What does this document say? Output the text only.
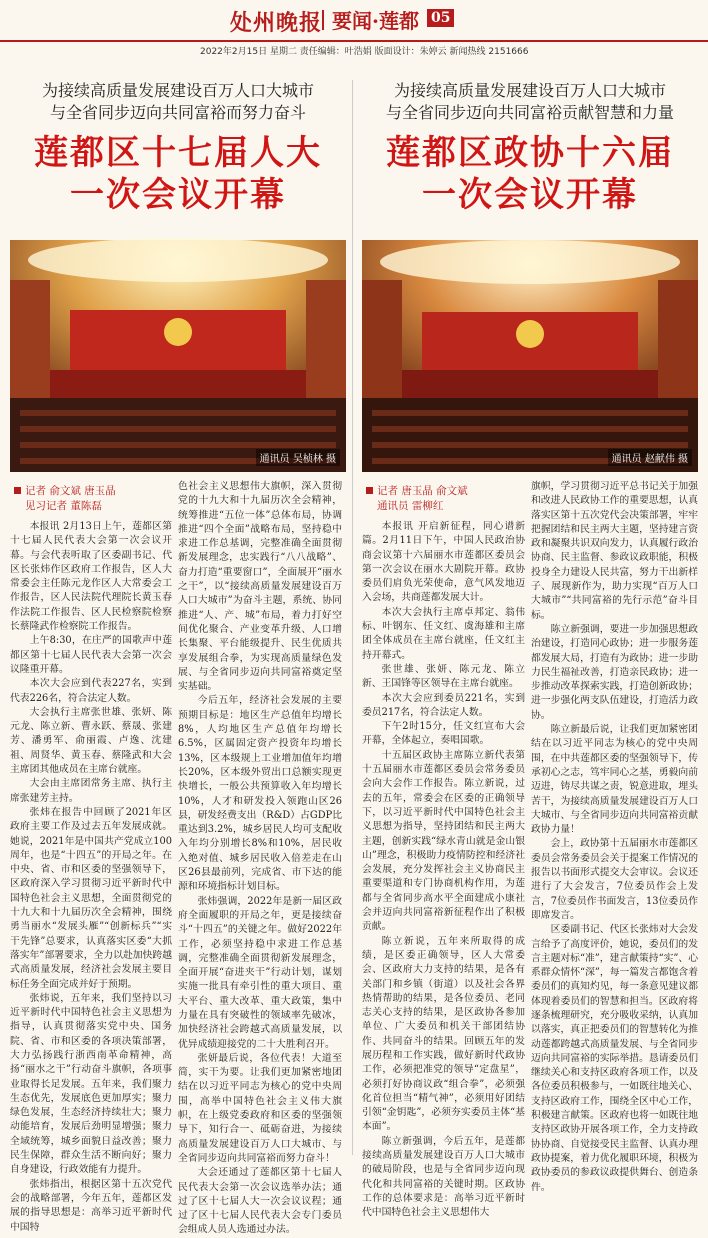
处州晚报 要闻·莲都 05
2022年2月15日 星期二 责任编辑：叶浩娟 版面设计：朱婷云 新闻热线 2151666
为接续高质量发展建设百万人口大城市
与全省同步迈向共同富裕而努力奋斗
莲都区十七届人大
一次会议开幕
为接续高质量发展建设百万人口大城市
与全省同步迈向共同富裕贡献智慧和力量
莲都区政协十六届
一次会议开幕
通讯员 吴桢林 摄	通讯员 赵献伟 摄
记者 俞文斌 唐玉晶
见习记者 董陈磊
记者 唐玉晶 俞文斌
通讯员 雷柳红

本报讯 2月13日上午，莲都区第十七届人民代表大会第一次会议开幕。与会代表听取了区委副书记、代区长张炜作区政府工作报告，区人大常委会主任陈元龙作区人大常委会工作报告，区人民法院代理院长黄玉春作法院工作报告、区人民检察院检察长蔡隆武作检察院工作报告。

上午8:30，在庄严的国歌声中莲都区第十七届人民代表大会第一次会议隆重开幕。

本次大会应到代表227名，实到代表226名，符合法定人数。

大会执行主席张世雄、张妍、陈元龙、陈立新、曹永跃、蔡晟、张建芳、潘勇军、俞丽霞、卢逸、沈建祖、周贤华、黄玉春、蔡隆武和大会主席团其他成员在主席台就座。

大会由主席团常务主席、执行主席张建芳主持。

张炜在报告中回顾了2021年区政府主要工作及过去五年发展成就。她说，2021年是中国共产党成立100周年，也是“十四五”的开局之年。在中央、省、市和区委的坚强领导下，区政府深入学习贯彻习近平新时代中国特色社会主义思想，全面贯彻党的十九大和十九届历次全会精神，围绕勇当丽水“发展头雁”“创新标兵”“实干先锋”总要求，认真落实区委“大抓落实年”部署要求，全力以赴加快跨越式高质量发展，经济社会发展主要目标任务全面完成并好于预期。

张炜说，五年来，我们坚持以习近平新时代中国特色社会主义思想为指导，认真贯彻落实党中央、国务院、省、市和区委的各项决策部署，大力弘扬践行浙西南革命精神，高扬“丽水之干”行动奋斗旗帜，各项事业取得长足发展。五年来，我们聚力生态优先，发展底色更加厚实；聚力绿色发展，生态经济持续壮大；聚力动能培育，发展后劲明显增强；聚力全域统筹，城乡面貌日益改善；聚力民生保障，群众生活不断向好；聚力自身建设，行政效能有力提升。

张炜指出，根据区第十五次党代会的战略部署，今年五年，莲都区发展的指导思想是：高举习近平新时代中国特

色社会主义思想伟大旗帜，深入贯彻党的十九大和十九届历次全会精神，统筹推进“五位一体”总体布局，协调推进“四个全面”战略布局，坚持稳中求进工作总基调，完整准确全面贯彻新发展理念，忠实践行“八八战略”、奋力打造“重要窗口”，全面展开“丽水之干”，以“接续高质量发展建设百万人口大城市”为奋斗主题，系统、协同推进“人、产、城”布局，着力打好空间优化聚合、产业变革升级、人口增长集聚、平台能级提升、民生优质共享发展组合拳，为实现高质量绿色发展、与全省同步迈向共同富裕奠定坚实基础。

今后五年，经济社会发展的主要预期目标是：地区生产总值年均增长8%，人均地区生产总值年均增长6.5%，区属固定资产投资年均增长13%，区本级规上工业增加值年均增长20%，区本级外贸出口总额实现更快增长，一般公共预算收入年均增长10%，人才和研发投入领跑山区26县，研发经费支出（R&D）占GDP比重达到3.2%，城乡居民人均可支配收入年均分别增长8%和10%，居民收入绝对值、城乡居民收入倍差走在山区26县最前列，完成省、市下达的能源和环境指标计划目标。

张炜强调，2022年是新一届区政府全面履职的开局之年，更是接续奋斗“十四五”的关键之年。做好2022年工作，必须坚持稳中求进工作总基调，完整准确全面贯彻新发展理念，全面开展“奋进夹干”行动计划，谋划实施一批具有牵引性的重大项目、重大平台、重大改革、重大政策，集中力量在具有突破性的领域率先破冰，加快经济社会跨越式高质量发展，以优异成绩迎接党的二十大胜利召开。

张妍最后说，各位代表！大道至简，实干为要。让我们更加紧密地团结在以习近平同志为核心的党中央周围，高举中国特色社会主义伟大旗帜，在上级党委政府和区委的坚强领导下，知行合一、砥砺奋进，为接续高质量发展建设百万人口大城市、与全省同步迈向共同富裕而努力奋斗！

大会还通过了莲都区第十七届人民代表大会第一次会议选举办法；通过了区十七届人大一次会议议程；通过了区十七届人民代表大会专门委员会组成人员人选通过办法。

本报讯 开启新征程，同心谱新篇。2月11日下午，中国人民政治协商会议第十六届丽水市莲都区委员会第一次会议在丽水大剧院开幕。政协委员们肩负光荣使命，意气风发地迈入会场，共商莲都发展大计。

本次大会执行主席卓邦定、翁伟标、叶钢东、任文红、虞海雄和主席团全体成员在主席台就座，任文红主持开幕式。

张世雄、张妍、陈元龙、陈立新、王国锋等区领导在主席台就座。

本次大会应到委员221名，实到委员217名，符合法定人数。

下午2时15分，任文红宣布大会开幕，全体起立，奏唱国歌。

十五届区政协主席陈立新代表第十五届丽水市莲都区委员会常务委员会向大会作工作报告。陈立新说，过去的五年，常委会在区委的正确领导下，以习近平新时代中国特色社会主义思想为指导，坚持团结和民主两大主题，创新实践“绿水青山就是金山银山”理念，积极助力疫情防控和经济社会发展，充分发挥社会主义协商民主重要渠道和专门协商机构作用，为莲都与全省同步高水平全面建成小康社会并迈向共同富裕新征程作出了积极贡献。

陈立新说，五年来所取得的成绩，是区委正确领导，区人大常委会、区政府大力支持的结果，是各有关部门和乡镇（街道）以及社会各界热情帮助的结果，是各位委员、老同志关心支持的结果，是区政协各参加单位、广大委员和机关干部团结协作、共同奋斗的结果。回顾五年的发展历程和工作实践，做好新时代政协工作，必须把准党的领导“定盘星”，必须打好协商议政“组合拳”，必须强化首位担当“精气神”，必须用好团结引领“金钥匙”，必须夯实委员主体“基本面”。

陈立新强调，今后五年，是莲都接续高质量发展建设百万人口大城市的破局阶段，也是与全省同步迈向现代化和共同富裕的关键时期。区政协工作的总体要求是：高举习近平新时代中国特色社会主义思想伟大

旗帜，学习贯彻习近平总书记关于加强和改进人民政协工作的重要思想，认真落实区第十五次党代会决策部署，牢牢把握团结和民主两大主题，坚持建言资政和凝聚共识双向发力，认真履行政治协商、民主监督、参政议政职能，积极投身全力建设人民共富，努力干出新样子、展现新作为，助力实现“百万人口大城市”“共同富裕的先行示范”奋斗目标。

陈立新强调，要进一步加强思想政治建设，打造同心政协；进一步服务莲都发展大局，打造有为政协；进一步助力民生福祉改善，打造亲民政协；进一步推动改革探索实践，打造创新政协；进一步强化两支队伍建设，打造活力政协。

陈立新最后说，让我们更加紧密团结在以习近平同志为核心的党中央周围，在中共莲都区委的坚强领导下，传承初心之志，笃牢同心之基，勇毅向前迈进，铸尽共谋之责，锐意进取，埋头苦干，为接续高质量发展建设百万人口大城市、与全省同步迈向共同富裕贡献政协力量！

会上，政协第十五届丽水市莲都区委员会常务委员会关于提案工作情况的报告以书面形式提交大会审议。会议还进行了大会发言，7位委员作会上发言，7位委员作书面发言，13位委员作即席发言。

区委副书记、代区长张炜对大会发言给予了高度评价，她说，委员们的发言主题对标“准”，建言献策持“实”、心系群众情怀“深”，每一篇发言都饱含着委员们的真知灼见，每一条意见建议都体现着委员们的智慧和担当。区政府将逐条梳理研究，充分吸收采纳，认真加以落实，真正把委员们的智慧转化为推动莲都跨越式高质量发展、与全省同步迈向共同富裕的实际举措。恳请委员们继续关心和支持区政府各项工作，以及各位委员积极参与，一如既往地关心、支持区政府工作，围绕全区中心工作，积极建言献策。区政府也将一如既往地支持区政协开展各项工作，全力支持政协协商、自觉接受民主监督、认真办理政协提案，着力优化履职环境，积极为政协委员的参政议政提供舞台、创造条件。
